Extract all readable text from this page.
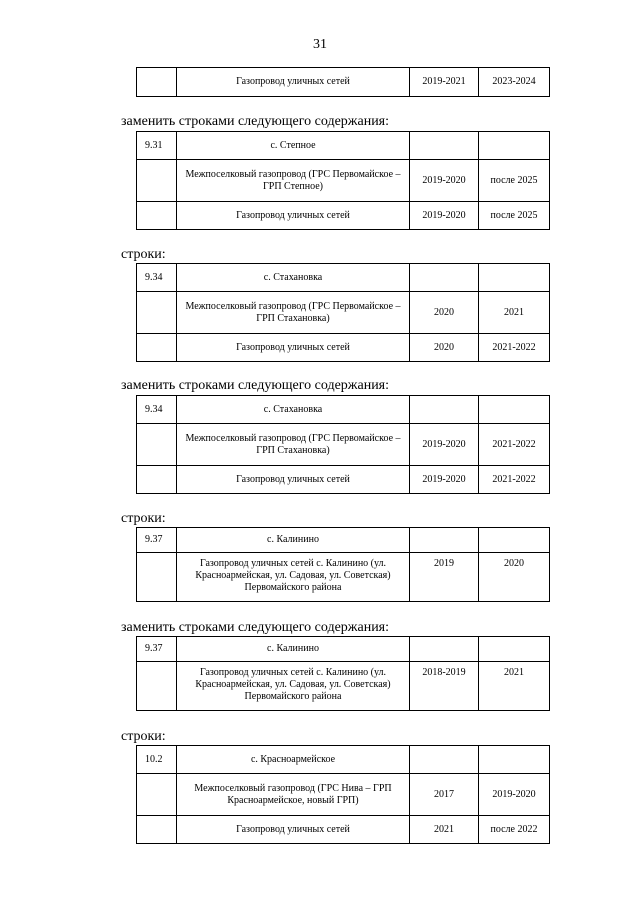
31
	Газопровод уличных сетей	2019-2021	2023-2024
заменить строками следующего содержания:
9.31	с. Степное		
	Межпоселковый газопровод (ГРС Первомайское – ГРП Степное)	2019-2020	после 2025
	Газопровод уличных сетей	2019-2020	после 2025
строки:
9.34	с. Стахановка		
	Межпоселковый газопровод (ГРС Первомайское – ГРП Стахановка)	2020	2021
	Газопровод уличных сетей	2020	2021-2022
заменить строками следующего содержания:
9.34	с. Стахановка		
	Межпоселковый газопровод (ГРС Первомайское – ГРП Стахановка)	2019-2020	2021-2022
	Газопровод уличных сетей	2019-2020	2021-2022
строки:
9.37	с. Калинино		
	Газопровод уличных сетей с. Калинино (ул. Красноармейская, ул. Садовая, ул. Советская) Первомайского района	2019	2020
заменить строками следующего содержания:
9.37	с. Калинино		
	Газопровод уличных сетей с. Калинино (ул. Красноармейская, ул. Садовая, ул. Советская) Первомайского района	2018-2019	2021
строки:
10.2	с. Красноармейское		
	Межпоселковый газопровод (ГРС Нива – ГРП Красноармейское, новый ГРП)	2017	2019-2020
	Газопровод уличных сетей	2021	после 2022
